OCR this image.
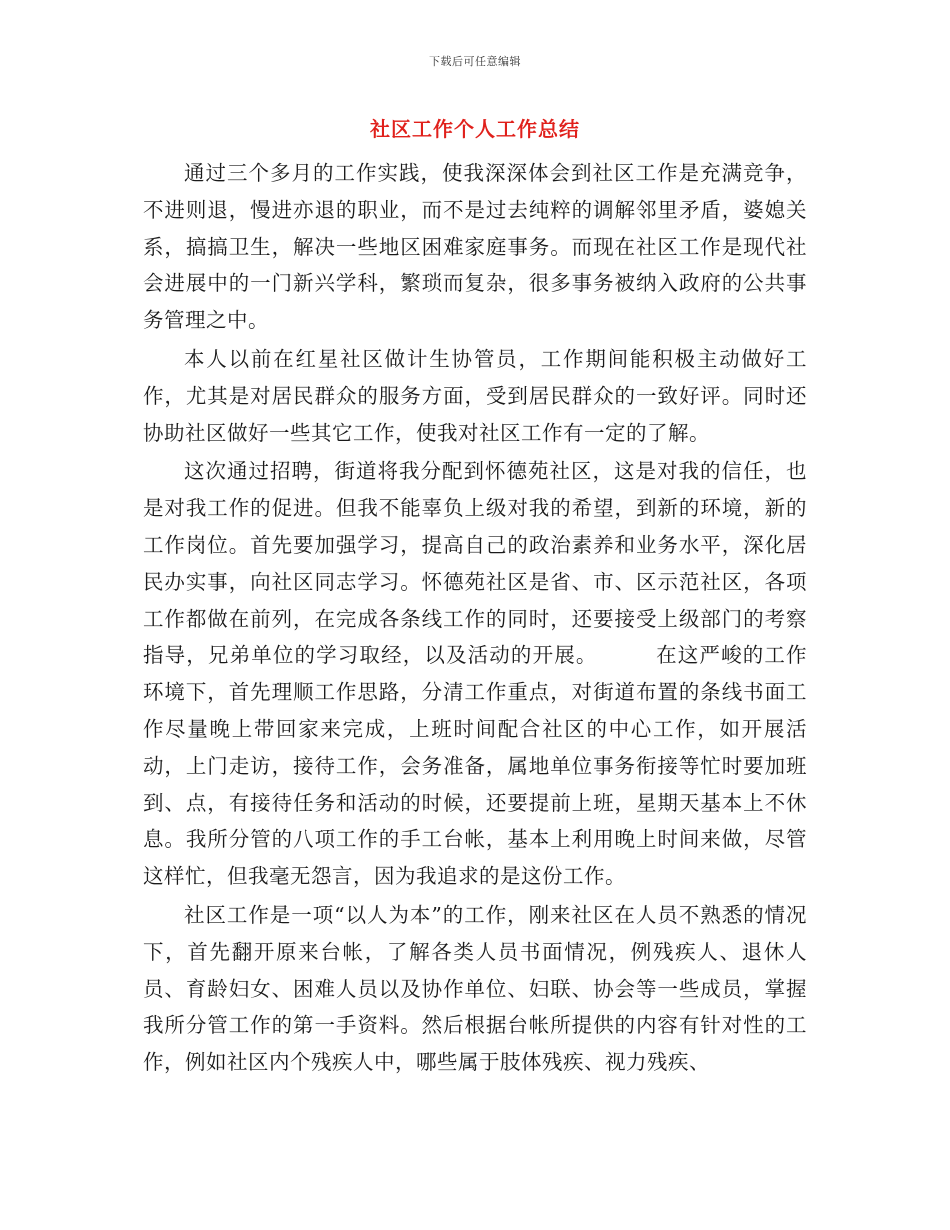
下载后可任意编辑
社区工作个人工作总结

通过三个多月的工作实践，使我深深体会到社区工作是充满竞争，不进则退，慢进亦退的职业，而不是过去纯粹的调解邻里矛盾，婆媳关系，搞搞卫生，解决一些地区困难家庭事务。而现在社区工作是现代社会进展中的一门新兴学科，繁琐而复杂，很多事务被纳入政府的公共事务管理之中。

本人以前在红星社区做计生协管员，工作期间能积极主动做好工作，尤其是对居民群众的服务方面，受到居民群众的一致好评。同时还协助社区做好一些其它工作，使我对社区工作有一定的了解。

这次通过招聘，街道将我分配到怀德苑社区，这是对我的信任，也是对我工作的促进。但我不能辜负上级对我的希望，到新的环境，新的工作岗位。首先要加强学习，提高自己的政治素养和业务水平，深化居民办实事，向社区同志学习。怀德苑社区是省、市、区示范社区，各项工作都做在前列，在完成各条线工作的同时，还要接受上级部门的考察指导，兄弟单位的学习取经，以及活动的开展。	在这严峻的工作环境下，首先理顺工作思路，分清工作重点，对街道布置的条线书面工作尽量晚上带回家来完成，上班时间配合社区的中心工作，如开展活动，上门走访，接待工作，会务准备，属地单位事务衔接等忙时要加班到、点，有接待任务和活动的时候，还要提前上班，星期天基本上不休息。我所分管的八项工作的手工台帐，基本上利用晚上时间来做，尽管这样忙，但我毫无怨言，因为我追求的是这份工作。

社区工作是一项“以人为本”的工作，刚来社区在人员不熟悉的情况下，首先翻开原来台帐，了解各类人员书面情况，例残疾人、退休人员、育龄妇女、困难人员以及协作单位、妇联、协会等一些成员，掌握我所分管工作的第一手资料。然后根据台帐所提供的内容有针对性的工作，例如社区内个残疾人中，哪些属于肢体残疾、视力残疾、
